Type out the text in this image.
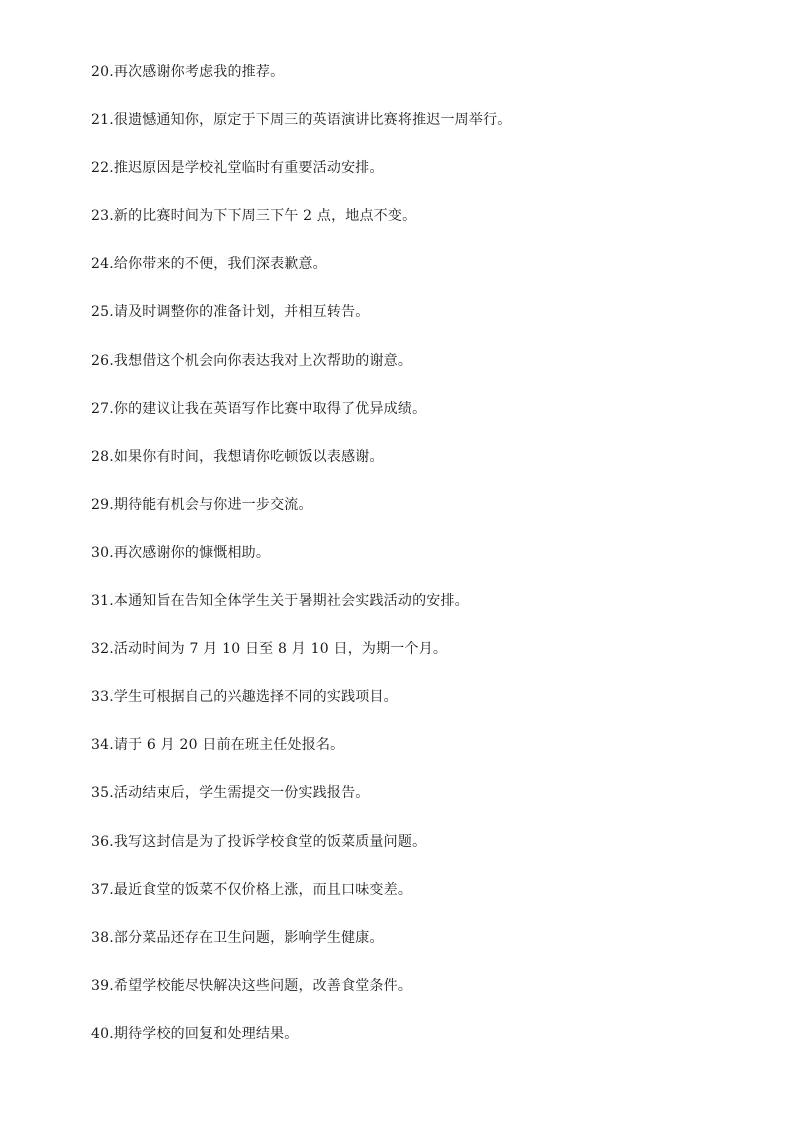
20.再次感谢你考虑我的推荐。
21.很遗憾通知你，原定于下周三的英语演讲比赛将推迟一周举行。
22.推迟原因是学校礼堂临时有重要活动安排。
23.新的比赛时间为下下周三下午 2 点，地点不变。
24.给你带来的不便，我们深表歉意。
25.请及时调整你的准备计划，并相互转告。
26.我想借这个机会向你表达我对上次帮助的谢意。
27.你的建议让我在英语写作比赛中取得了优异成绩。
28.如果你有时间，我想请你吃顿饭以表感谢。
29.期待能有机会与你进一步交流。
30.再次感谢你的慷慨相助。
31.本通知旨在告知全体学生关于暑期社会实践活动的安排。
32.活动时间为 7 月 10 日至 8 月 10 日，为期一个月。
33.学生可根据自己的兴趣选择不同的实践项目。
34.请于 6 月 20 日前在班主任处报名。
35.活动结束后，学生需提交一份实践报告。
36.我写这封信是为了投诉学校食堂的饭菜质量问题。
37.最近食堂的饭菜不仅价格上涨，而且口味变差。
38.部分菜品还存在卫生问题，影响学生健康。
39.希望学校能尽快解决这些问题，改善食堂条件。
40.期待学校的回复和处理结果。
